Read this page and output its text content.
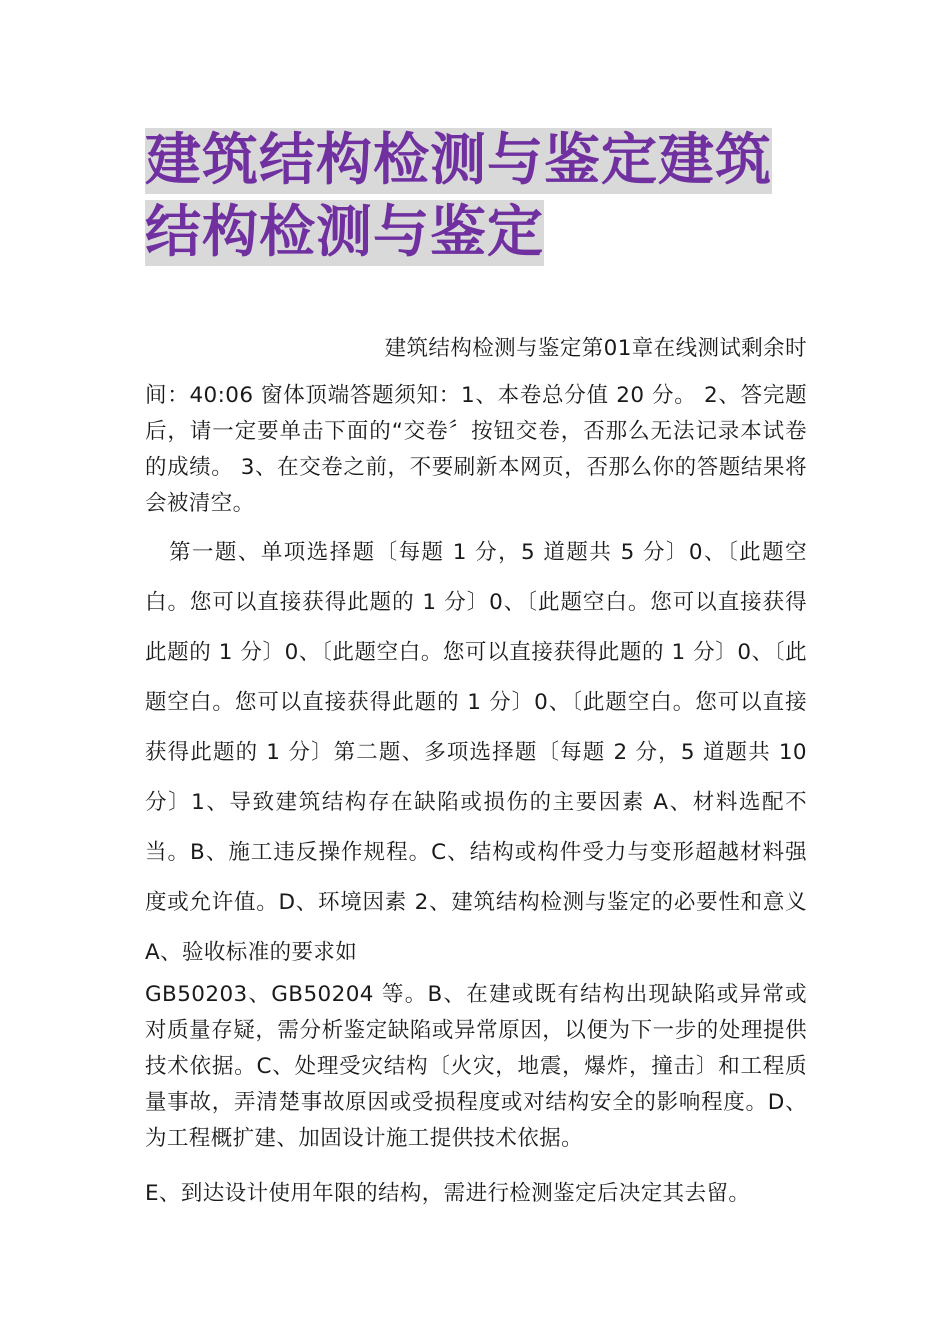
建筑结构检测与鉴定建筑
结构检测与鉴定
建筑结构检测与鉴定第01章在线测试剩余时
间：40:06 窗体顶端答题须知：1、本卷总分值 20 分。 2、答完题后，请一定要单击下面的“交卷〞按钮交卷，否那么无法记录本试卷的成绩。 3、在交卷之前，不要刷新本网页，否那么你的答题结果将会被清空。
第一题、单项选择题〔每题 1 分，5 道题共 5 分〕0、〔此题空白。您可以直接获得此题的 1 分〕0、〔此题空白。您可以直接获得此题的 1 分〕0、〔此题空白。您可以直接获得此题的 1 分〕0、〔此题空白。您可以直接获得此题的 1 分〕0、〔此题空白。您可以直接获得此题的 1 分〕第二题、多项选择题〔每题 2 分，5 道题共 10 分〕1、导致建筑结构存在缺陷或损伤的主要因素 A、材料选配不当。B、施工违反操作规程。C、结构或构件受力与变形超越材料强度或允许值。D、环境因素 2、建筑结构检测与鉴定的必要性和意义 A、验收标准的要求如
GB50203、GB50204 等。B、在建或既有结构出现缺陷或异常或对质量存疑，需分析鉴定缺陷或异常原因，以便为下一步的处理提供技术依据。C、处理受灾结构〔火灾，地震，爆炸，撞击〕和工程质量事故，弄清楚事故原因或受损程度或对结构安全的影响程度。D、为工程概扩建、加固设计施工提供技术依据。
E、到达设计使用年限的结构，需进行检测鉴定后决定其去留。
